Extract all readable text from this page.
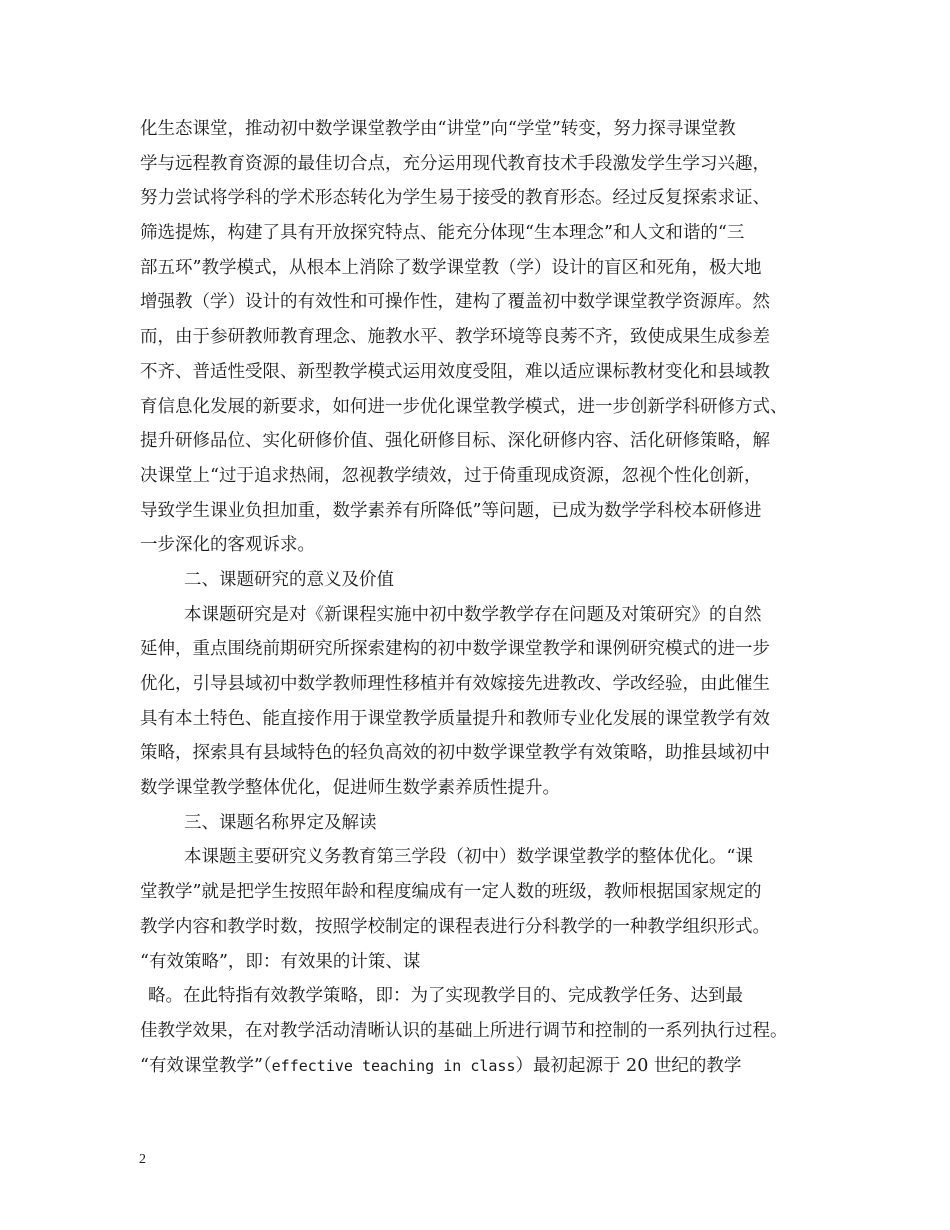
化生态课堂，推动初中数学课堂教学由“讲堂”向“学堂”转变，努力探寻课堂教
学与远程教育资源的最佳切合点，充分运用现代教育技术手段激发学生学习兴趣，
努力尝试将学科的学术形态转化为学生易于接受的教育形态。经过反复探索求证、
筛选提炼，构建了具有开放探究特点、能充分体现“生本理念”和人文和谐的“三
部五环”教学模式，从根本上消除了数学课堂教（学）设计的盲区和死角，极大地
增强教（学）设计的有效性和可操作性，建构了覆盖初中数学课堂教学资源库。然
而，由于参研教师教育理念、施教水平、教学环境等良莠不齐，致使成果生成参差
不齐、普适性受限、新型教学模式运用效度受阻，难以适应课标教材变化和县域教
育信息化发展的新要求，如何进一步优化课堂教学模式，进一步创新学科研修方式、
提升研修品位、实化研修价值、强化研修目标、深化研修内容、活化研修策略，解
决课堂上“过于追求热闹，忽视教学绩效，过于倚重现成资源，忽视个性化创新，
导致学生课业负担加重，数学素养有所降低”等问题，已成为数学学科校本研修进
一步深化的客观诉求。
二、课题研究的意义及价值
本课题研究是对《新课程实施中初中数学教学存在问题及对策研究》的自然
延伸，重点围绕前期研究所探索建构的初中数学课堂教学和课例研究模式的进一步
优化，引导县域初中数学教师理性移植并有效嫁接先进教改、学改经验，由此催生
具有本土特色、能直接作用于课堂教学质量提升和教师专业化发展的课堂教学有效
策略，探索具有县域特色的轻负高效的初中数学课堂教学有效策略，助推县域初中
数学课堂教学整体优化，促进师生数学素养质性提升。
三、课题名称界定及解读
本课题主要研究义务教育第三学段（初中）数学课堂教学的整体优化。“课
堂教学”就是把学生按照年龄和程度编成有一定人数的班级，教师根据国家规定的
教学内容和教学时数，按照学校制定的课程表进行分科教学的一种教学组织形式。
“有效策略”，即：有效果的计策、谋
略。在此特指有效教学策略，即：为了实现教学目的、完成教学任务、达到最
佳教学效果，在对教学活动清晰认识的基础上所进行调节和控制的一系列执行过程。
“有效课堂教学”（effective teaching in class）最初起源于 20 世纪的教学
2
